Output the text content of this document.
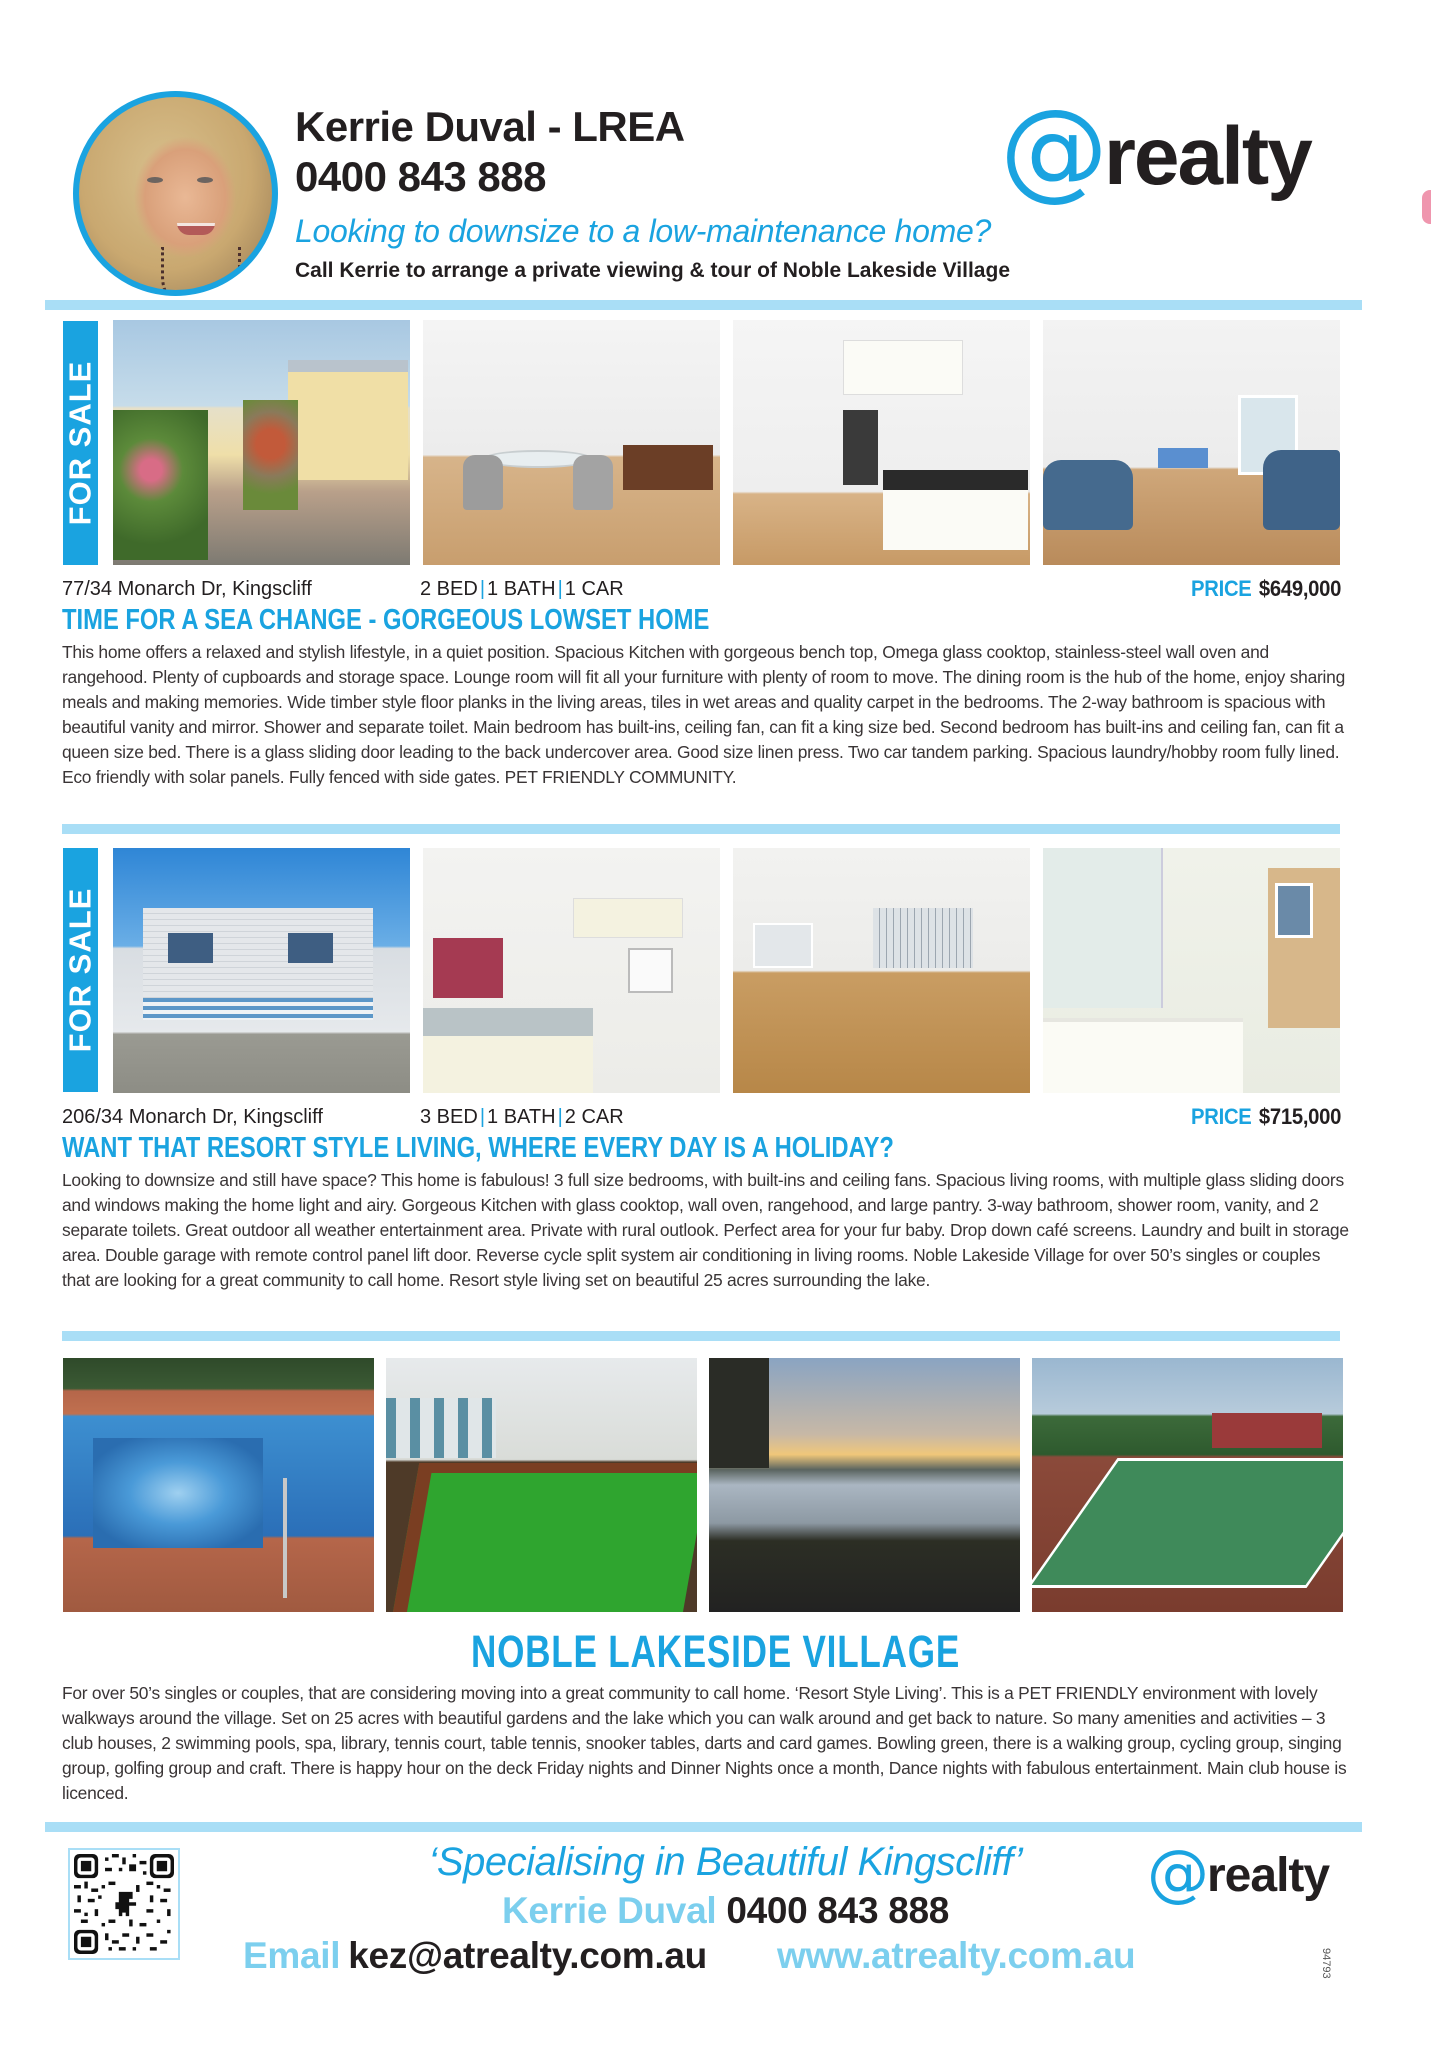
Kerrie Duval - LREA
0400 843 888
Looking to downsize to a low-maintenance home?
Call Kerrie to arrange a private viewing & tour of Noble Lakeside Village
@
realty
FOR SALE
77/34 Monarch Dr, Kingscliff	2 BED | 1 BATH | 1 CAR	PRICE $649,000
TIME FOR A SEA CHANGE - GORGEOUS LOWSET HOME
This home offers a relaxed and stylish lifestyle, in a quiet position. Spacious Kitchen with gorgeous bench top, Omega glass cooktop, stainless-steel wall oven and rangehood. Plenty of cupboards and storage space. Lounge room will fit all your furniture with plenty of room to move. The dining room is the hub of the home, enjoy sharing meals and making memories. Wide timber style floor planks in the living areas, tiles in wet areas and quality carpet in the bedrooms. The 2-way bathroom is spacious with beautiful vanity and mirror. Shower and separate toilet. Main bedroom has built-ins, ceiling fan, can fit a king size bed. Second bedroom has built-ins and ceiling fan, can fit a queen size bed. There is a glass sliding door leading to the back undercover area. Good size linen press. Two car tandem parking. Spacious laundry/hobby room fully lined. Eco friendly with solar panels. Fully fenced with side gates. PET FRIENDLY COMMUNITY.
FOR SALE
206/34 Monarch Dr, Kingscliff	3 BED | 1 BATH | 2 CAR	PRICE $715,000
WANT THAT RESORT STYLE LIVING, WHERE EVERY DAY IS A HOLIDAY?
Looking to downsize and still have space? This home is fabulous! 3 full size bedrooms, with built-ins and ceiling fans. Spacious living rooms, with multiple glass sliding doors and windows making the home light and airy. Gorgeous Kitchen with glass cooktop, wall oven, rangehood, and large pantry. 3-way bathroom, shower room, vanity, and 2 separate toilets. Great outdoor all weather entertainment area. Private with rural outlook. Perfect area for your fur baby. Drop down café screens. Laundry and built in storage area. Double garage with remote control panel lift door. Reverse cycle split system air conditioning in living rooms. Noble Lakeside Village for over 50’s singles or couples that are looking for a great community to call home. Resort style living set on beautiful 25 acres surrounding the lake.
NOBLE LAKESIDE VILLAGE
For over 50’s singles or couples, that are considering moving into a great community to call home. ‘Resort Style Living’. This is a PET FRIENDLY environment with lovely walkways around the village. Set on 25 acres with beautiful gardens and the lake which you can walk around and get back to nature. So many amenities and activities – 3 club houses, 2 swimming pools, spa, library, tennis court, table tennis, snooker tables, darts and card games. Bowling green, there is a walking group, cycling group, singing group, golfing group and craft. There is happy hour on the deck Friday nights and Dinner Nights once a month, Dance nights with fabulous entertainment. Main club house is licenced.
‘Specialising in Beautiful Kingscliff’
Kerrie Duval 0400 843 888
Email kez@atrealty.com.au www.atrealty.com.au
@
realty
94793
